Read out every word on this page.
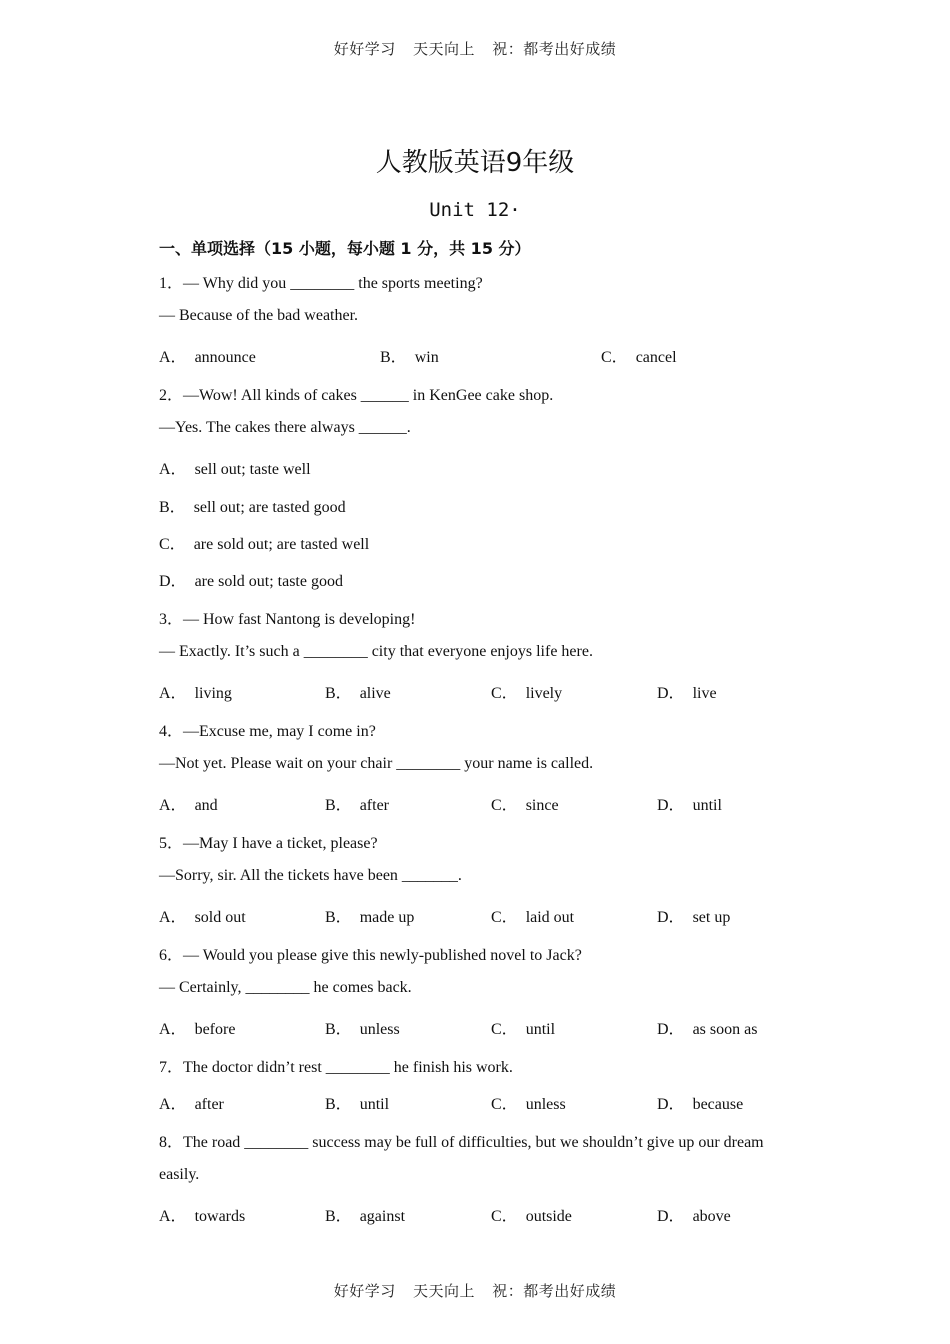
好好学习 天天向上 祝：都考出好成绩
人教版英语9年级
Unit 12·
一、单项选择（15 小题，每小题 1 分，共 15 分）
1．— Why did you ________ the sports meeting?
— Because of the bad weather.
A． announce	B． win	C． cancel
2．—Wow! All kinds of cakes ______ in KenGee cake shop.
—Yes. The cakes there always ______.
A． sell out; taste well
B． sell out; are tasted good
C． are sold out; are tasted well
D． are sold out; taste good
3．— How fast Nantong is developing!
— Exactly. It’s such a ________ city that everyone enjoys life here.
A． living	B． alive	C． lively	D． live
4．—Excuse me, may I come in?
—Not yet. Please wait on your chair ________ your name is called.
A． and	B． after	C． since	D． until
5．—May I have a ticket, please?
—Sorry, sir. All the tickets have been _______.
A． sold out	B． made up	C． laid out	D． set up
6．— Would you please give this newly-published novel to Jack?
— Certainly, ________ he comes back.
A． before	B． unless	C． until	D． as soon as
7．The doctor didn’t rest ________ he finish his work.
A． after	B． until	C． unless	D． because
8．The road ________ success may be full of difficulties, but we shouldn’t give up our dream
easily.
A． towards	B． against	C． outside	D． above
好好学习 天天向上 祝：都考出好成绩
